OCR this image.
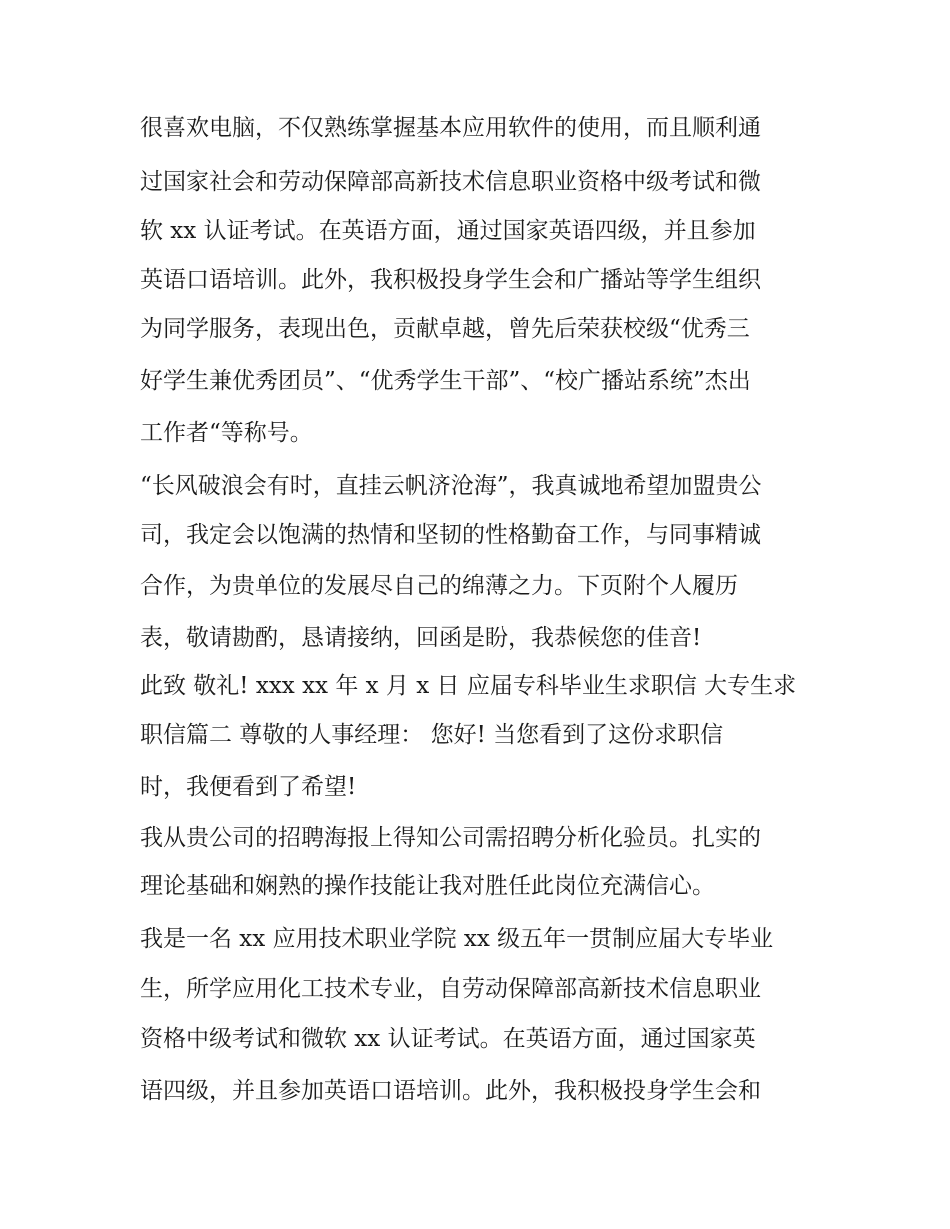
很喜欢电脑，不仅熟练掌握基本应用软件的使用，而且顺利通
过国家社会和劳动保障部高新技术信息职业资格中级考试和微
软 xx 认证考试。在英语方面，通过国家英语四级，并且参加
英语口语培训。此外，我积极投身学生会和广播站等学生组织
为同学服务，表现出色，贡献卓越，曾先后荣获校级“优秀三
好学生兼优秀团员”、“优秀学生干部”、“校广播站系统”杰出
工作者“等称号。
“长风破浪会有时，直挂云帆济沧海”，我真诚地希望加盟贵公
司，我定会以饱满的热情和坚韧的性格勤奋工作，与同事精诚
合作，为贵单位的发展尽自己的绵薄之力。下页附个人履历
表，敬请勘酌，恳请接纳，回函是盼，我恭候您的佳音!
此致 敬礼! xxx xx 年 x 月 x 日 应届专科毕业生求职信 大专生求
职信篇二 尊敬的人事经理： 您好! 当您看到了这份求职信
时，我便看到了希望!
我从贵公司的招聘海报上得知公司需招聘分析化验员。扎实的
理论基础和娴熟的操作技能让我对胜任此岗位充满信心。
我是一名 xx 应用技术职业学院 xx 级五年一贯制应届大专毕业
生，所学应用化工技术专业，自劳动保障部高新技术信息职业
资格中级考试和微软 xx 认证考试。在英语方面，通过国家英
语四级，并且参加英语口语培训。此外，我积极投身学生会和
